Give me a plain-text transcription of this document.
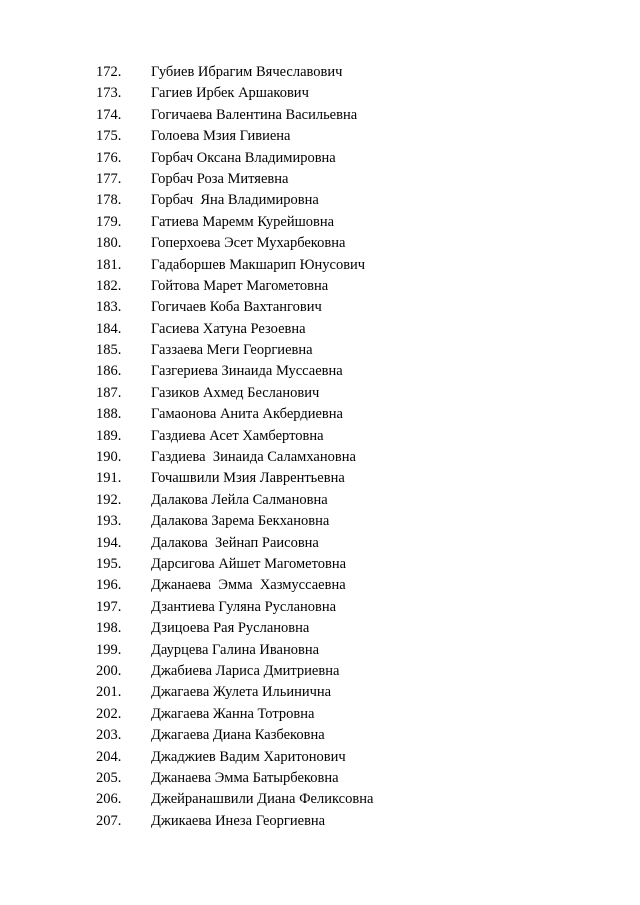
172. Губиев Ибрагим Вячеславович
173. Гагиев Ирбек Аршакович
174. Гогичаева Валентина Васильевна
175. Голоева Мзия Гивиена
176. Горбач Оксана Владимировна
177. Горбач Роза Митяевна
178. Горбач  Яна Владимировна
179. Гатиева Маремм Курейшовна
180. Гоперхоева Эсет Мухарбековна
181. Гадаборшев Макшарип Юнусович
182. Гойтова Марет Магометовна
183. Гогичаев Коба Вахтангович
184. Гасиева Хатуна Резоевна
185. Газзаева Меги Георгиевна
186. Газгериева Зинаида Муссаевна
187. Газиков Ахмед Бесланович
188. Гамаонова Анита Акбердиевна
189. Газдиева Асет Хамбертовна
190. Газдиева  Зинаида Саламхановна
191. Гочашвили Мзия Лаврентьевна
192. Далакова Лейла Салмановна
193. Далакова Зарема Бекхановна
194. Далакова  Зейнап Раисовна
195. Дарсигова Айшет Магометовна
196. Джанаева  Эмма  Хазмуссаевна
197. Дзантиева Гуляна Руслановна
198. Дзицоева Рая Руслановна
199. Даурцева Галина Ивановна
200. Джабиева Лариса Дмитриевна
201. Джагаева Жулета Ильинична
202. Джагаева Жанна Тотровна
203. Джагаева Диана Казбековна
204. Джаджиев Вадим Харитонович
205. Джанаева Эмма Батырбековна
206. Джейранашвили Диана Феликсовна
207. Джикаева Инеза Георгиевна
